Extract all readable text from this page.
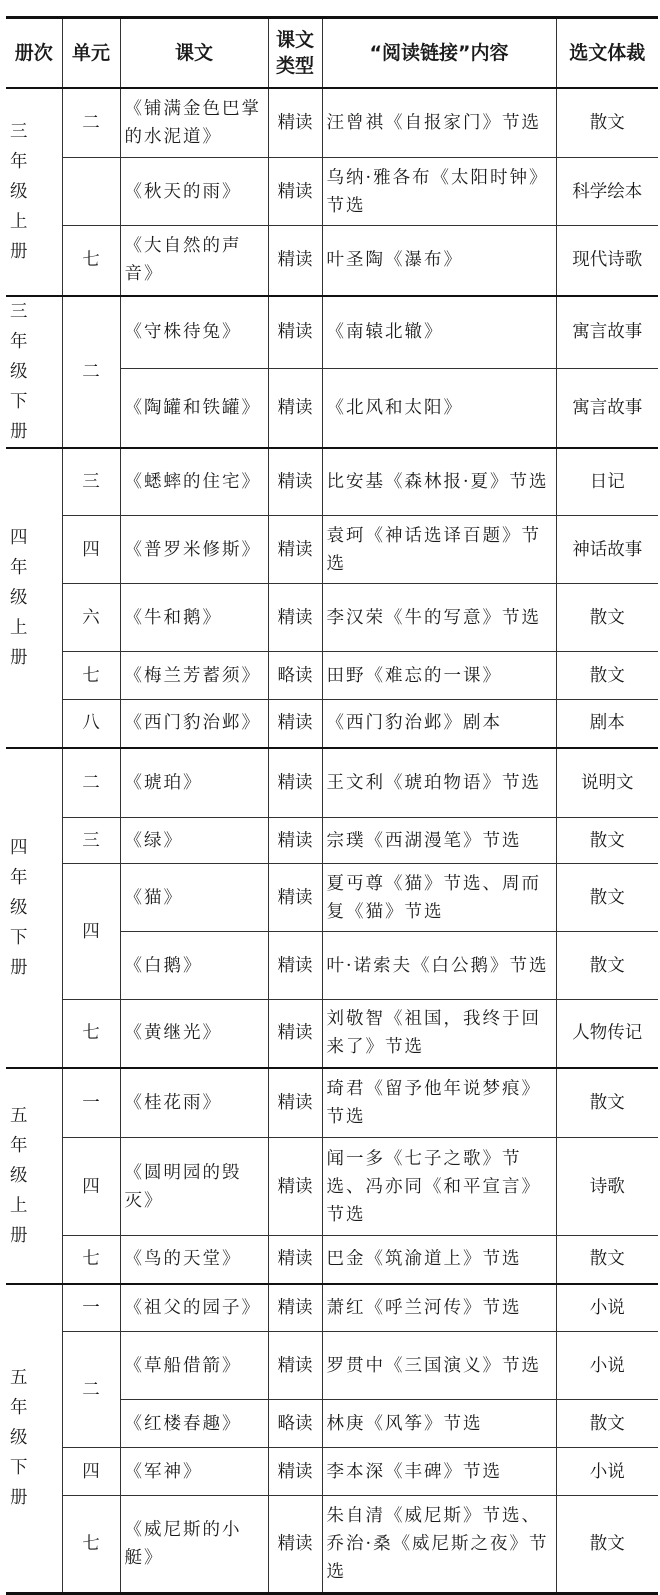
册次	单元	课文	课文类型	“阅读链接”内容	选文体裁
三年级上册	二	《铺满金色巴掌的水泥道》	精读	汪曾祺《自报家门》节选	散文
		《秋天的雨》	精读	乌纳·雅各布《太阳时钟》节选	科学绘本
	七	《大自然的声音》	精读	叶圣陶《瀑布》	现代诗歌
三年级下册	二	《守株待兔》	精读	《南辕北辙》	寓言故事
		《陶罐和铁罐》	精读	《北风和太阳》	寓言故事
四年级上册	三	《蟋蟀的住宅》	精读	比安基《森林报·夏》节选	日记
	四	《普罗米修斯》	精读	袁珂《神话选译百题》节选	神话故事
	六	《牛和鹅》	精读	李汉荣《牛的写意》节选	散文
	七	《梅兰芳蓄须》	略读	田野《难忘的一课》	散文
	八	《西门豹治邺》	精读	《西门豹治邺》剧本	剧本
四年级下册	二	《琥珀》	精读	王文利《琥珀物语》节选	说明文
	三	《绿》	精读	宗璞《西湖漫笔》节选	散文
	四	《猫》	精读	夏丏尊《猫》节选、周而复《猫》节选	散文
		《白鹅》	精读	叶·诺索夫《白公鹅》节选	散文
	七	《黄继光》	精读	刘敬智《祖国，我终于回来了》节选	人物传记
五年级上册	一	《桂花雨》	精读	琦君《留予他年说梦痕》节选	散文
	四	《圆明园的毁灭》	精读	闻一多《七子之歌》节选、冯亦同《和平宣言》节选	诗歌
	七	《鸟的天堂》	精读	巴金《筑渝道上》节选	散文
五年级下册	一	《祖父的园子》	精读	萧红《呼兰河传》节选	小说
	二	《草船借箭》	精读	罗贯中《三国演义》节选	小说
		《红楼春趣》	略读	林庚《风筝》节选	散文
	四	《军神》	精读	李本深《丰碑》节选	小说
	七	《威尼斯的小艇》	精读	朱自清《威尼斯》节选、乔治·桑《威尼斯之夜》节选	散文
